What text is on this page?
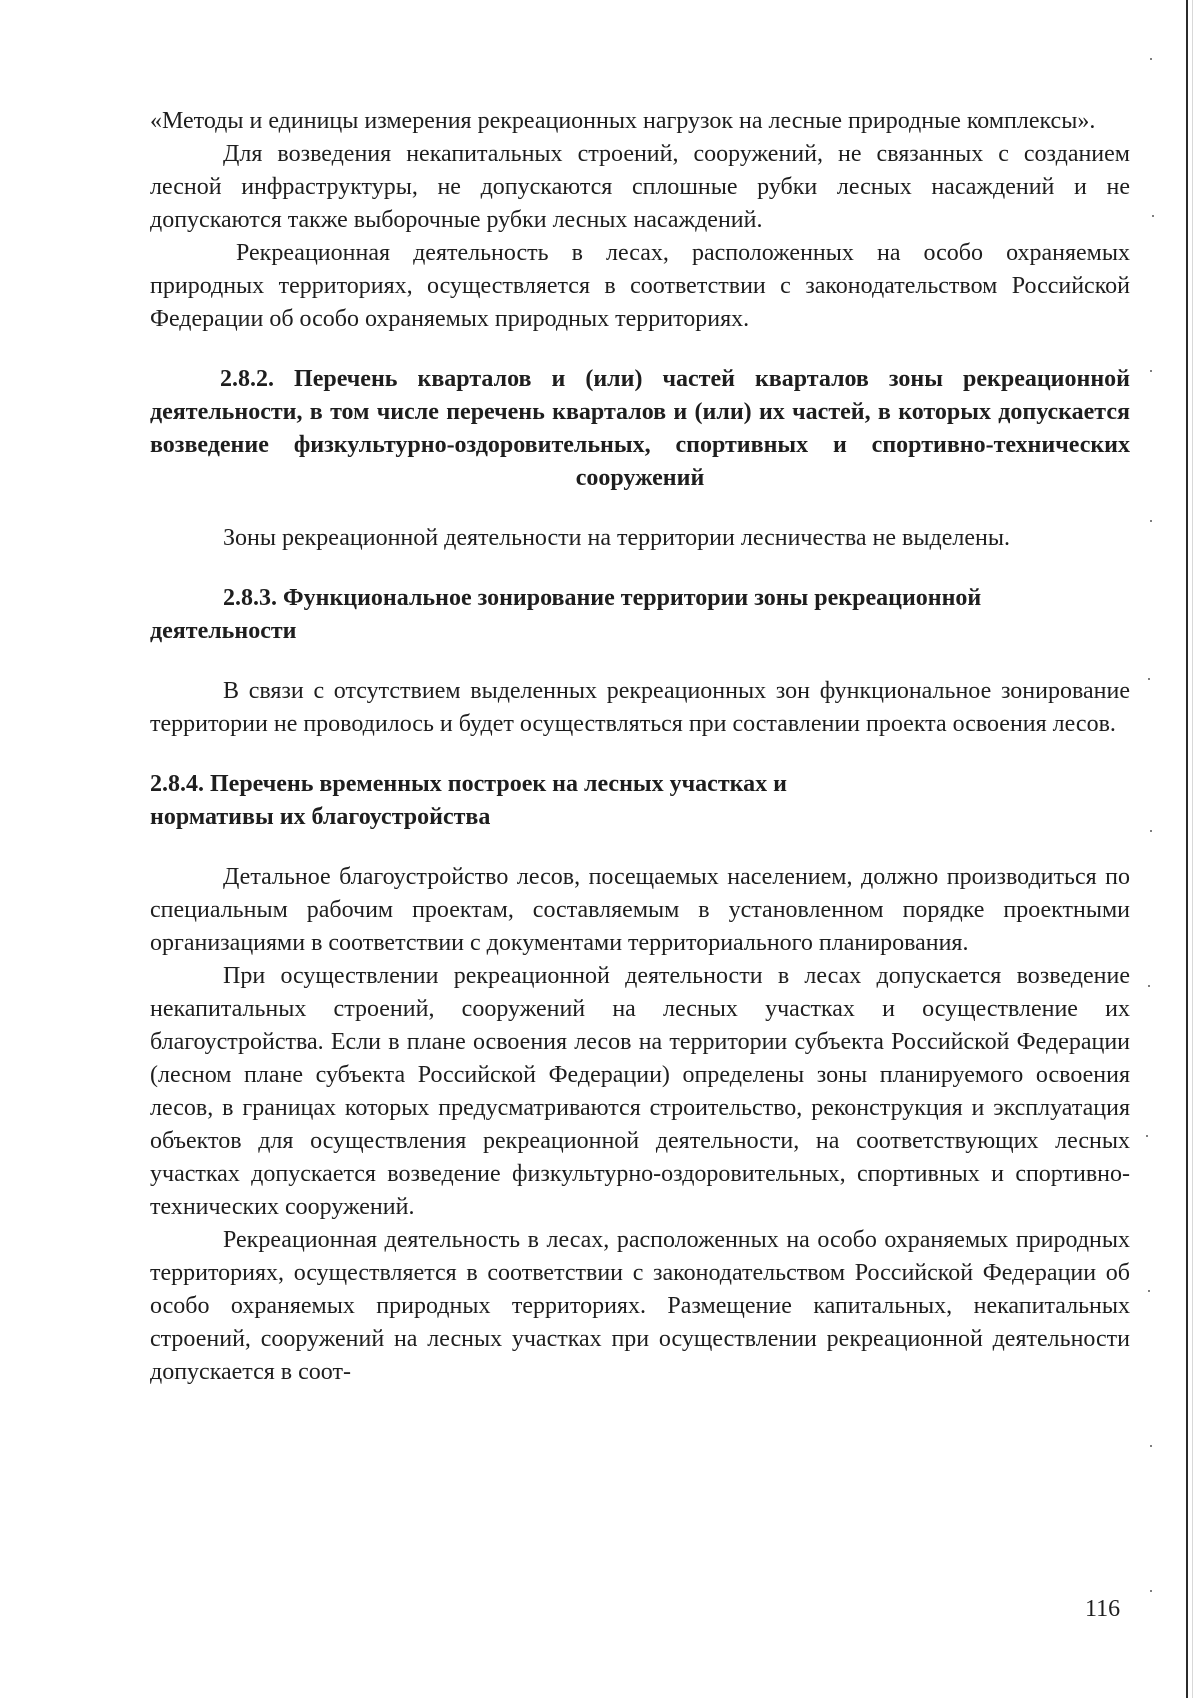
«Методы и единицы измерения рекреационных нагрузок на лесные природные комплексы».

Для возведения некапитальных строений, сооружений, не связанных с созданием лесной инфраструктуры, не допускаются сплошные рубки лесных насаждений и не допускаются также выборочные рубки лесных насаждений.

Рекреационная деятельность в лесах, расположенных на особо охраняемых природных территориях, осуществляется в соответствии с законодательством Российской Федерации об особо охраняемых природных территориях.

2.8.2. Перечень кварталов и (или) частей кварталов зоны рекреационной деятельности, в том числе перечень кварталов и (или) их частей, в которых допускается возведение физкультурно-оздоровительных, спортивных и спортивно-технических сооружений

Зоны рекреационной деятельности на территории лесничества не выделены.

2.8.3. Функциональное зонирование территории зоны рекреационной деятельности

В связи с отсутствием выделенных рекреационных зон функциональное зонирование территории не проводилось и будет осуществляться при составлении проекта освоения лесов.

2.8.4. Перечень временных построек на лесных участках и

нормативы их благоустройства

Детальное благоустройство лесов, посещаемых населением, должно производиться по специальным рабочим проектам, составляемым в установленном порядке проектными организациями в соответствии с документами территориального планирования.

При осуществлении рекреационной деятельности в лесах допускается возведение некапитальных строений, сооружений на лесных участках и осуществление их благоустройства. Если в плане освоения лесов на территории субъекта Российской Федерации (лесном плане субъекта Российской Федерации) определены зоны планируемого освоения лесов, в границах которых предусматриваются строительство, реконструкция и эксплуатация объектов для осуществления рекреационной деятельности, на соответствующих лесных участках допускается возведение физкультурно-оздоровительных, спортивных и спортивно-технических сооружений.

Рекреационная деятельность в лесах, расположенных на особо охраняемых природных территориях, осуществляется в соответствии с законодательством Российской Федерации об особо охраняемых природных территориях. Размещение капитальных, некапитальных строений, сооружений на лесных участках при осуществлении рекреационной деятельности допускается в соот-

116
